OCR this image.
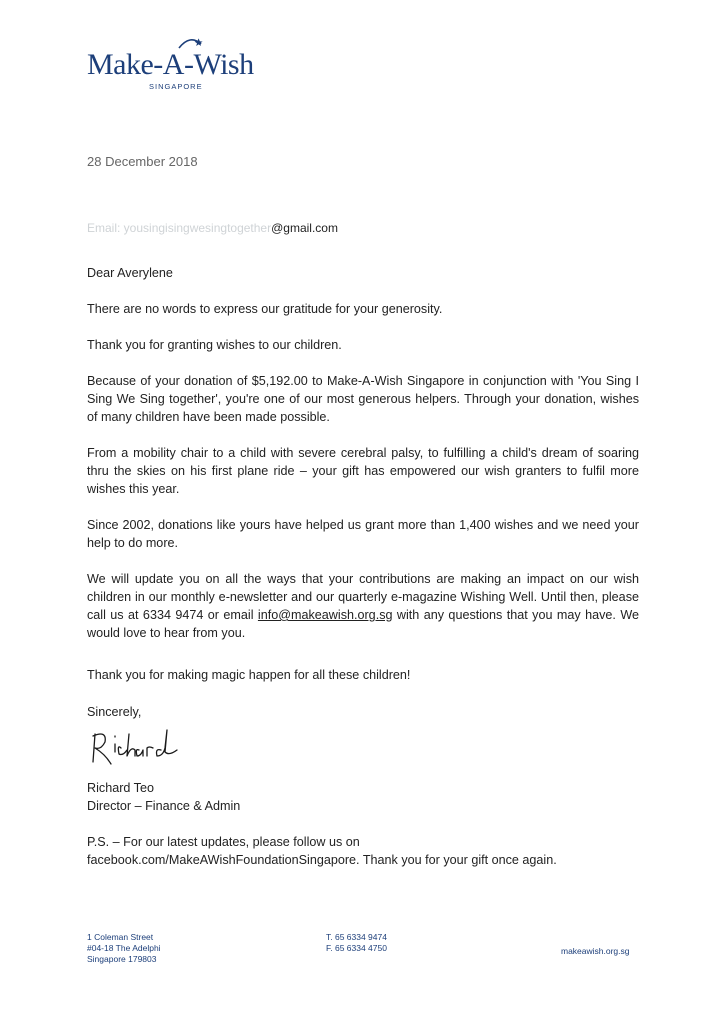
Make-A-Wish
SINGAPORE
28 December 2018
Email: yousingisingwesingtogether@gmail.com
Dear Averylene
There are no words to express our gratitude for your generosity.
Thank you for granting wishes to our children.
Because of your donation of $5,192.00 to Make-A-Wish Singapore in conjunction with 'You Sing I Sing We Sing together', you're one of our most generous helpers. Through your donation, wishes of many children have been made possible.
From a mobility chair to a child with severe cerebral palsy, to fulfilling a child's dream of soaring thru the skies on his first plane ride – your gift has empowered our wish granters to fulfil more wishes this year.
Since 2002, donations like yours have helped us grant more than 1,400 wishes and we need your help to do more.
We will update you on all the ways that your contributions are making an impact on our wish children in our monthly e-newsletter and our quarterly e-magazine Wishing Well. Until then, please call us at 6334 9474 or email info@makeawish.org.sg with any questions that you may have. We would love to hear from you.
Thank you for making magic happen for all these children!
Sincerely,
Richard Teo
Director – Finance & Admin
P.S. – For our latest updates, please follow us on
facebook.com/MakeAWishFoundationSingapore. Thank you for your gift once again.
1 Coleman Street
#04-18 The Adelphi
Singapore 179803
T. 65 6334 9474
F. 65 6334 4750	makeawish.org.sg
